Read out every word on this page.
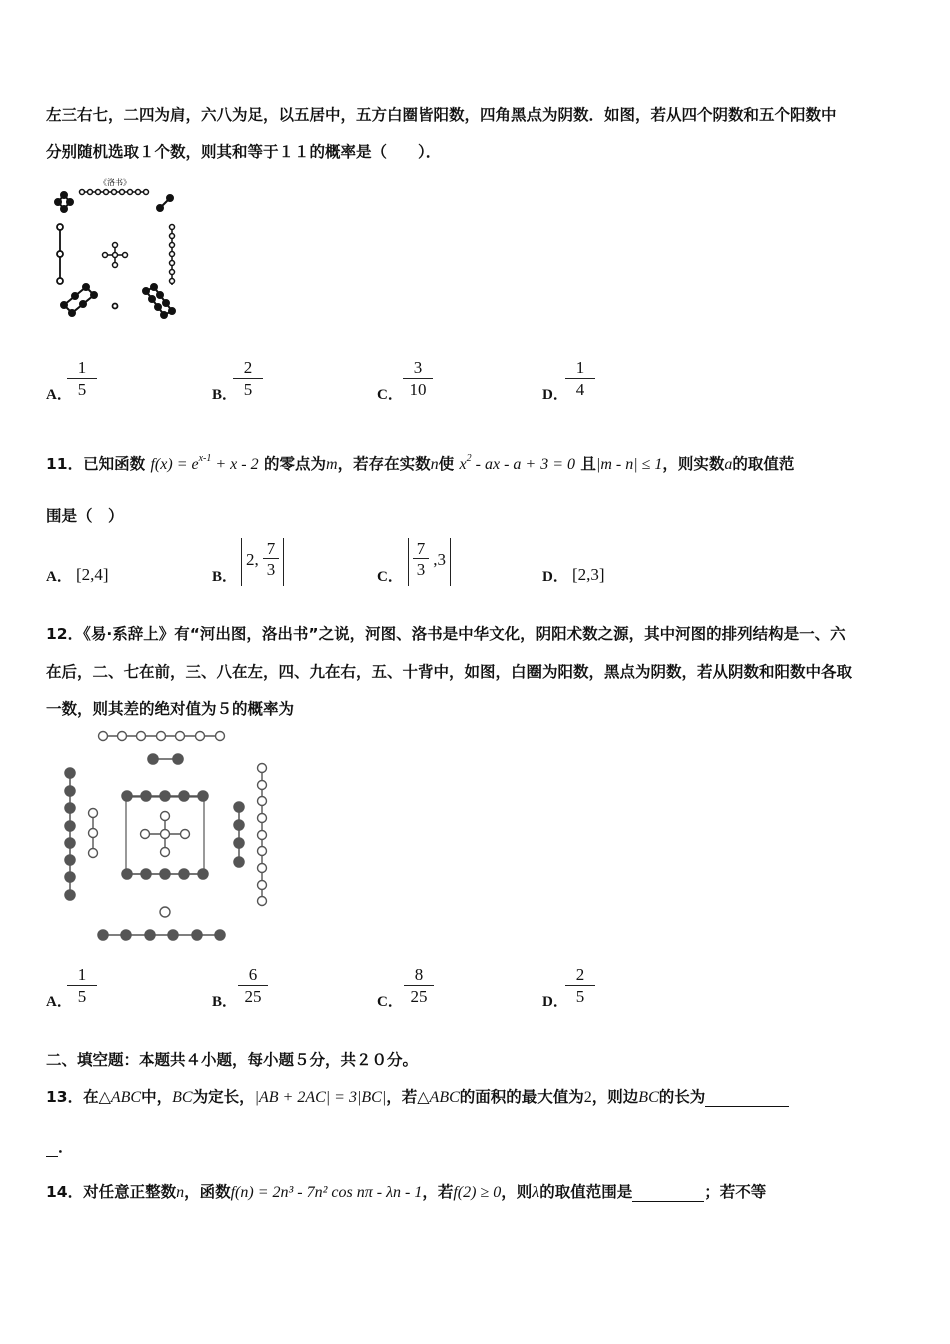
左三右七，二四为肩，六八为足，以五居中，五方白圈皆阳数，四角黑点为阴数．如图，若从四个阴数和五个阳数中
分别随机选取１个数，则其和等于１１的概率是（　　）．
《洛书》
A．
$\frac{1}{5}$	B．
$\frac{2}{5}$	C． $\frac{3}{10}$	D．
$\frac{1}{4}$
11．已知函数 $f(x) = e^{x-1} + x - 2$ 的零点为m，若存在实数n使 $x^2$ - ax - a + 3 = 0 且|m - n| ≤ 1，则实数a的取值范
围是（　）
A． [2,4]	B．
2, $\frac{7}{3}$	C． $\frac{7}{3} ,3$
D． [2,3]
12．《易·系辞上》有“河出图，洛出书”之说，河图、洛书是中华文化，阴阳术数之源，其中河图的排列结构是一、六
在后，二、七在前，三、八在左，四、九在右，五、十背中，如图，白圈为阳数，黑点为阴数，若从阴数和阳数中各取
一数，则其差的绝对值为５的概率为
A．
$\frac{1}{5}$	B． $\frac{6}{25}$	C． $\frac{8}{25}$	D．
$\frac{2}{5}$
二、填空题：本题共４小题，每小题５分，共２０分。
13．在△ABC中，BC为定长，|AB + 2AC| = 3|BC|，若△ABC的面积的最大值为2，则边BC的长为
．
14．对任意正整数n，函数f(n) = 2n³ - 7n² cos nπ - λn - 1，若f(2) ≥ 0，则λ的取值范围是	；若不等
